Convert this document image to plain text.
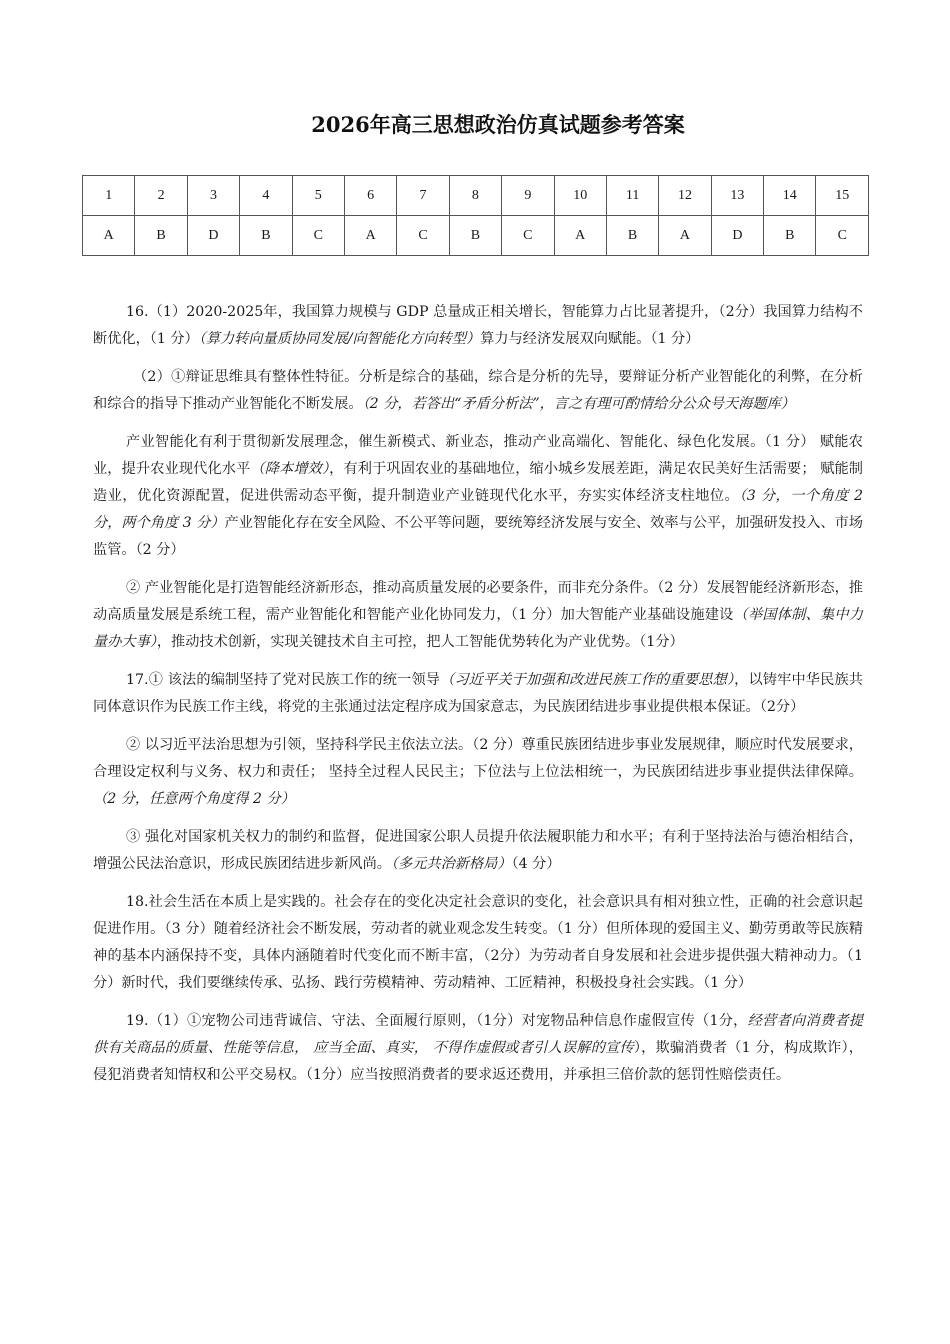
2026年高三思想政治仿真试题参考答案
1	2	3	4	5	6	7	8	9	10	11	12	13	14	15
A	B	D	B	C	A	C	B	C	A	B	A	D	B	C

16.（1）2020-2025年，我国算力规模与 GDP 总量成正相关增长，智能算力占比显著提升，（2分）我国算力结构不断优化，（1 分）（算力转向量质协同发展/向智能化方向转型）算力与经济发展双向赋能。（1 分）

（2）①辩证思维具有整体性特征。分析是综合的基础，综合是分析的先导，要辩证分析产业智能化的利弊，在分析和综合的指导下推动产业智能化不断发展。（2 分，若答出“矛盾分析法”，言之有理可酌情给分公众号天海题库）

产业智能化有利于贯彻新发展理念，催生新模式、新业态，推动产业高端化、智能化、绿色化发展。（1 分） 赋能农业，提升农业现代化水平（降本增效），有利于巩固农业的基础地位，缩小城乡发展差距，满足农民美好生活需要； 赋能制造业，优化资源配置，促进供需动态平衡，提升制造业产业链现代化水平，夯实实体经济支柱地位。（3 分，一个角度 2 分，两个角度 3 分）产业智能化存在安全风险、不公平等问题，要统筹经济发展与安全、效率与公平，加强研发投入、市场监管。（2 分）

② 产业智能化是打造智能经济新形态，推动高质量发展的必要条件，而非充分条件。（2 分）发展智能经济新形态，推动高质量发展是系统工程，需产业智能化和智能产业化协同发力，（1 分）加大智能产业基础设施建设（举国体制、集中力量办大事），推动技术创新，实现关键技术自主可控，把人工智能优势转化为产业优势。（1分）

17.① 该法的编制坚持了党对民族工作的统一领导（习近平关于加强和改进民族工作的重要思想），以铸牢中华民族共同体意识作为民族工作主线，将党的主张通过法定程序成为国家意志，为民族团结进步事业提供根本保证。（2分）

② 以习近平法治思想为引领，坚持科学民主依法立法。（2 分）尊重民族团结进步事业发展规律，顺应时代发展要求，合理设定权利与义务、权力和责任； 坚持全过程人民民主；下位法与上位法相统一，为民族团结进步事业提供法律保障。（2 分，任意两个角度得 2 分）

③ 强化对国家机关权力的制约和监督，促进国家公职人员提升依法履职能力和水平；有利于坚持法治与德治相结合，增强公民法治意识，形成民族团结进步新风尚。（多元共治新格局）（4 分）

18.社会生活在本质上是实践的。社会存在的变化决定社会意识的变化，社会意识具有相对独立性，正确的社会意识起促进作用。（3 分）随着经济社会不断发展，劳动者的就业观念发生转变。（1 分）但所体现的爱国主义、勤劳勇敢等民族精神的基本内涵保持不变，具体内涵随着时代变化而不断丰富，（2分）为劳动者自身发展和社会进步提供强大精神动力。（1 分）新时代，我们要继续传承、弘扬、践行劳模精神、劳动精神、工匠精神，积极投身社会实践。（1 分）

19.（1）①宠物公司违背诚信、守法、全面履行原则，（1分）对宠物品种信息作虚假宣传（1分，经营者向消费者提供有关商品的质量、性能等信息， 应当全面、真实， 不得作虚假或者引人误解的宣传），欺骗消费者（1 分，构成欺诈），侵犯消费者知情权和公平交易权。（1分）应当按照消费者的要求返还费用，并承担三倍价款的惩罚性赔偿责任。
